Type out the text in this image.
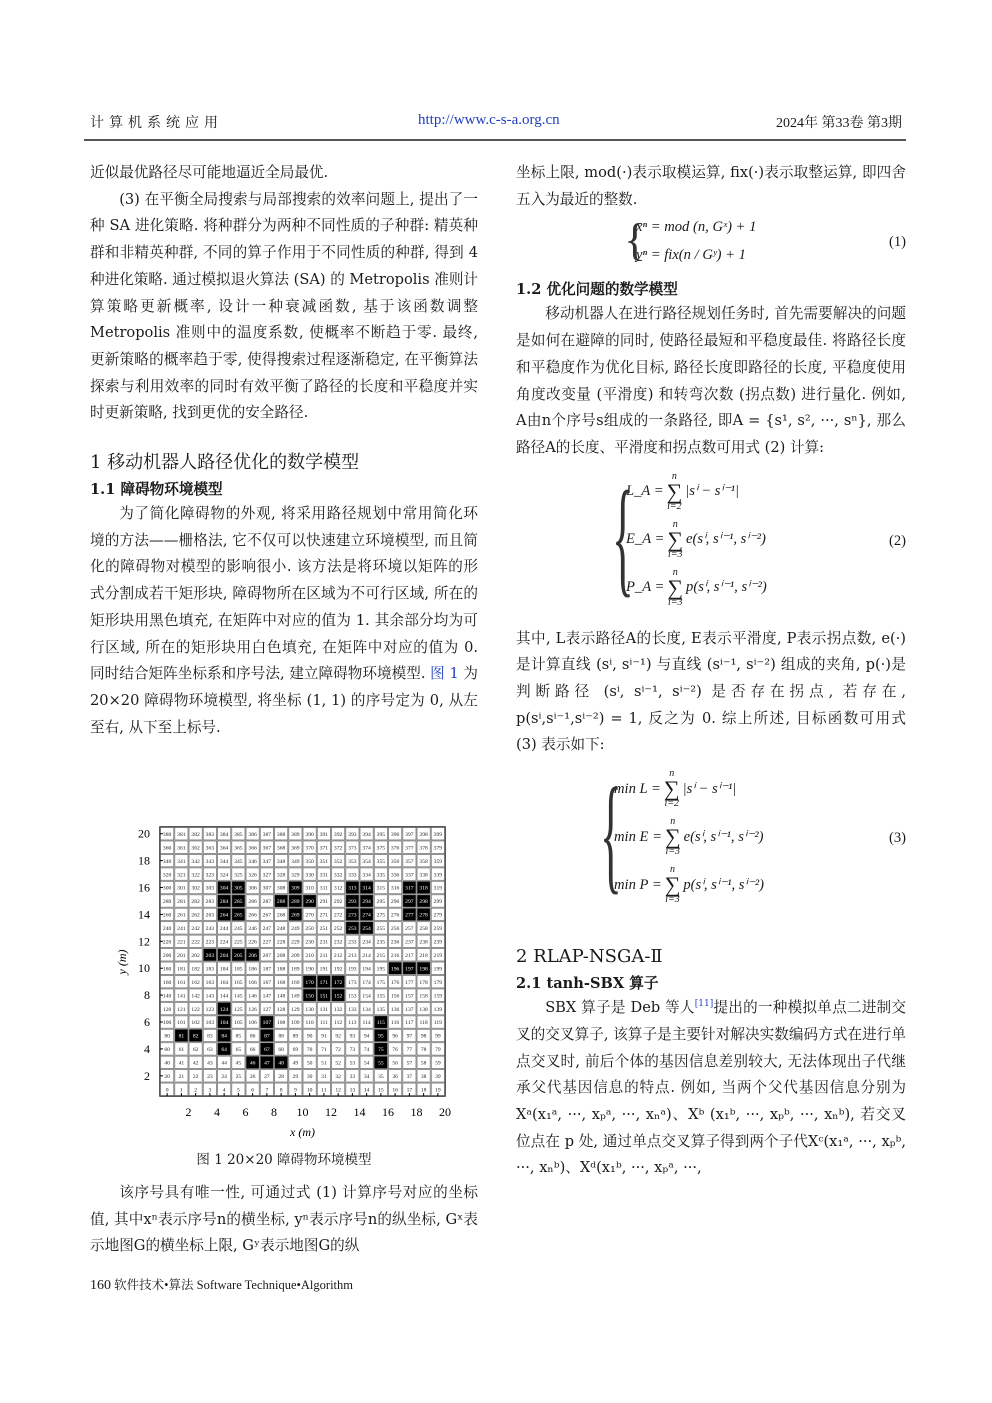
计算机系统应用	http://www.c-s-a.org.cn	2024年 第33卷 第3期

近似最优路径尽可能地逼近全局最优.

(3) 在平衡全局搜索与局部搜索的效率问题上, 提出了一种 SA 进化策略. 将种群分为两种不同性质的子种群: 精英种群和非精英种群, 不同的算子作用于不同性质的种群, 得到 4 种进化策略. 通过模拟退火算法 (SA) 的 Metropolis 准则计算策略更新概率, 设计一种衰减函数, 基于该函数调整 Metropolis 准则中的温度系数, 使概率不断趋于零. 最终, 更新策略的概率趋于零, 使得搜索过程逐渐稳定, 在平衡算法探索与利用效率的同时有效平衡了路径的长度和平稳度并实时更新策略, 找到更优的安全路径.

1 移动机器人路径优化的数学模型

1.1 障碍物环境模型

为了简化障碍物的外观, 将采用路径规划中常用简化环境的方法——栅格法, 它不仅可以快速建立环境模型, 而且简化的障碍物对模型的影响很小. 该方法是将环境以矩阵的形式分割成若干矩形块, 障碍物所在区域为不可行区域, 所在的矩形块用黑色填充, 在矩阵中对应的值为 1. 其余部分均为可行区域, 所在的矩形块用白色填充, 在矩阵中对应的值为 0. 同时结合矩阵坐标系和序号法, 建立障碍物环境模型. 图 1 为 20×20 障碍物环境模型, 将坐标 (1, 1) 的序号定为 0, 从左至右, 从下至上标号.

0 1 2 3 4 5 6 7 8 9 10 11 12 13 14 15 16 17 18 19
20 21 22 23 24 25 26 27 28 29 30 31 32 33 34 35 36 37 38 39
40 41 42 43 44 45 46 47 48 49 50 51 52 53 54 55 56 57 58 59
60 61 62 63 64 65 66 67 68 69 70 71 72 73 74 75 76 77 78 79
80 81 82 83 84 85 86 87 88 89 90 91 92 93 94 95 96 97 98 99
100 101 102 103 104 105 106 107 108 109 110 111 112 113 114 115 116 117 118 119
120 121 122 123 124 125 126 127 128 129 130 131 132 133 134 135 136 137 138 139
140 141 142 143 144 145 146 147 148 149 150 151 152 153 154 155 156 157 158 159
160 161 162 163 164 165 166 167 168 169 170 171 172 173 174 175 176 177 178 179
180 181 182 183 184 185 186 187 188 189 190 191 192 193 194 195 196 197 198 199
200 201 202 203 204 205 206 207 208 209 210 211 212 213 214 215 216 217 218 219
220 221 222 223 224 225 226 227 228 229 230 231 232 233 234 235 236 237 238 239
240 241 242 243 244 245 246 247 248 249 250 251 252 253 254 255 256 257 258 259
260 261 262 263 264 265 266 267 268 269 270 271 272 273 274 275 276 277 278 279
280 281 282 283 284 285 286 287 288 289 290 291 292 293 294 295 296 297 298 299
300 301 302 303 304 305 306 307 308 309 310 311 312 313 314 315 316 317 318 319
320 321 322 323 324 325 326 327 328 329 330 331 332 333 334 335 336 337 338 339
340 341 342 343 344 345 346 347 348 349 350 351 352 353 354 355 356 357 358 359
360 361 362 363 364 365 366 367 368 369 370 371 372 373 374 375 376 377 378 379
380 381 382 383 384 385 386 387 388 389 390 391 392 393 394 395 396 397 398 399
2
4
6
8
10
12
14
16
18
20
2 4 6 8 10 12 14 16 18 20
x (m)
y (m)
图 1 20×20 障碍物环境模型

该序号具有唯一性, 可通过式 (1) 计算序号对应的坐标值, 其中xⁿ表示序号n的横坐标, yⁿ表示序号n的纵坐标, Gˣ表示地图G的横坐标上限, Gʸ表示地图G的纵

坐标上限, mod(·)表示取模运算, fix(·)表示取整运算, 即四舍五入为最近的整数.

{
xⁿ = mod (n, Gˣ) + 1
yⁿ = fix(n / Gʸ) + 1
(1)

1.2 优化问题的数学模型

移动机器人在进行路径规划任务时, 首先需要解决的问题是如何在避障的同时, 使路径最短和平稳度最佳. 将路径长度和平稳度作为优化目标, 路径长度即路径的长度, 平稳度使用角度改变量 (平滑度) 和转弯次数 (拐点数) 进行量化. 例如, A由n个序号s组成的一条路径, 即A = {s¹, s², ···, sⁿ}, 那么路径A的长度、平滑度和拐点数可用式 (2) 计算:

{
L_A =
n
∑
i=2
|sⁱ − sⁱ⁻¹|
E_A =
n
∑
i=3
e(sⁱ, sⁱ⁻¹, sⁱ⁻²)
P_A =
n
∑
i=3
p(sⁱ, sⁱ⁻¹, sⁱ⁻²)
(2)

其中, L表示路径A的长度, E表示平滑度, P表示拐点数, e(·)是计算直线 (sⁱ, sⁱ⁻¹) 与直线 (sⁱ⁻¹, sⁱ⁻²) 组成的夹角, p(·)是判断路径 (sⁱ, sⁱ⁻¹, sⁱ⁻²) 是否存在拐点, 若存在, p(sⁱ,sⁱ⁻¹,sⁱ⁻²) = 1, 反之为 0. 综上所述, 目标函数可用式 (3) 表示如下:

{
min L =
n
∑
i=2
|sⁱ − sⁱ⁻¹|
min E =
n
∑
i=3
e(sⁱ, sⁱ⁻¹, sⁱ⁻²)
min P =
n
∑
i=3
p(sⁱ, sⁱ⁻¹, sⁱ⁻²)
(3)

2 RLAP-NSGA-Ⅱ

2.1 tanh-SBX 算子

SBX 算子是 Deb 等人[11]提出的一种模拟单点二进制交叉的交叉算子, 该算子是主要针对解决实数编码方式在进行单点交叉时, 前后个体的基因信息差别较大, 无法体现出子代继承父代基因信息的特点. 例如, 当两个父代基因信息分别为Xᵃ(x₁ᵃ, ···, xₚᵃ, ···, xₙᵃ)、Xᵇ (x₁ᵇ, ···, xₚᵇ, ···, xₙᵇ), 若交叉位点在 p 处, 通过单点交叉算子得到两个子代Xᶜ(x₁ᵃ, ···, xₚᵇ, ···, xₙᵇ)、Xᵈ(x₁ᵇ, ···, xₚᵃ, ···,

160 软件技术•算法 Software Technique•Algorithm
